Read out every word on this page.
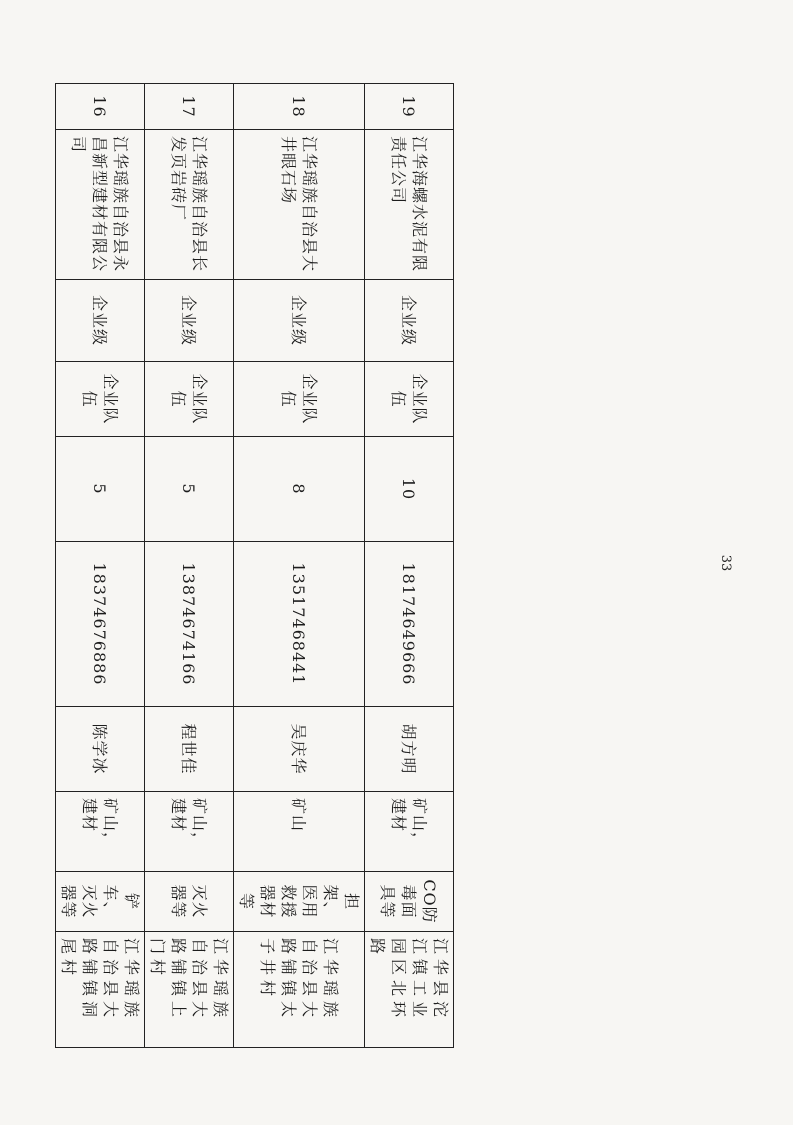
19	江华海螺水泥有限责任公司	企业级	企业队伍	10	18174649666	胡方明	矿山，建材	CO防毒面具等	江华县沱江镇工业园区北环路
18	江华瑶族自治县大井眼石场	企业级	企业队伍	8	13517468441	吴庆华	矿山	担架、医用救援器材等	江华瑶族自治县大路铺镇太子井村
17	江华瑶族自治县长发页岩砖厂	企业级	企业队伍	5	13874674166	程世佳	矿山，建材	灭火器等	江华瑶族自治县大路铺镇上门村
16	江华瑶族自治县永昌新型建材有限公司	企业级	企业队伍	5	18374676886	陈学冰	矿山，建材	铲车、灭火器等	江华瑶族自治县大路铺镇洞尾村
33
